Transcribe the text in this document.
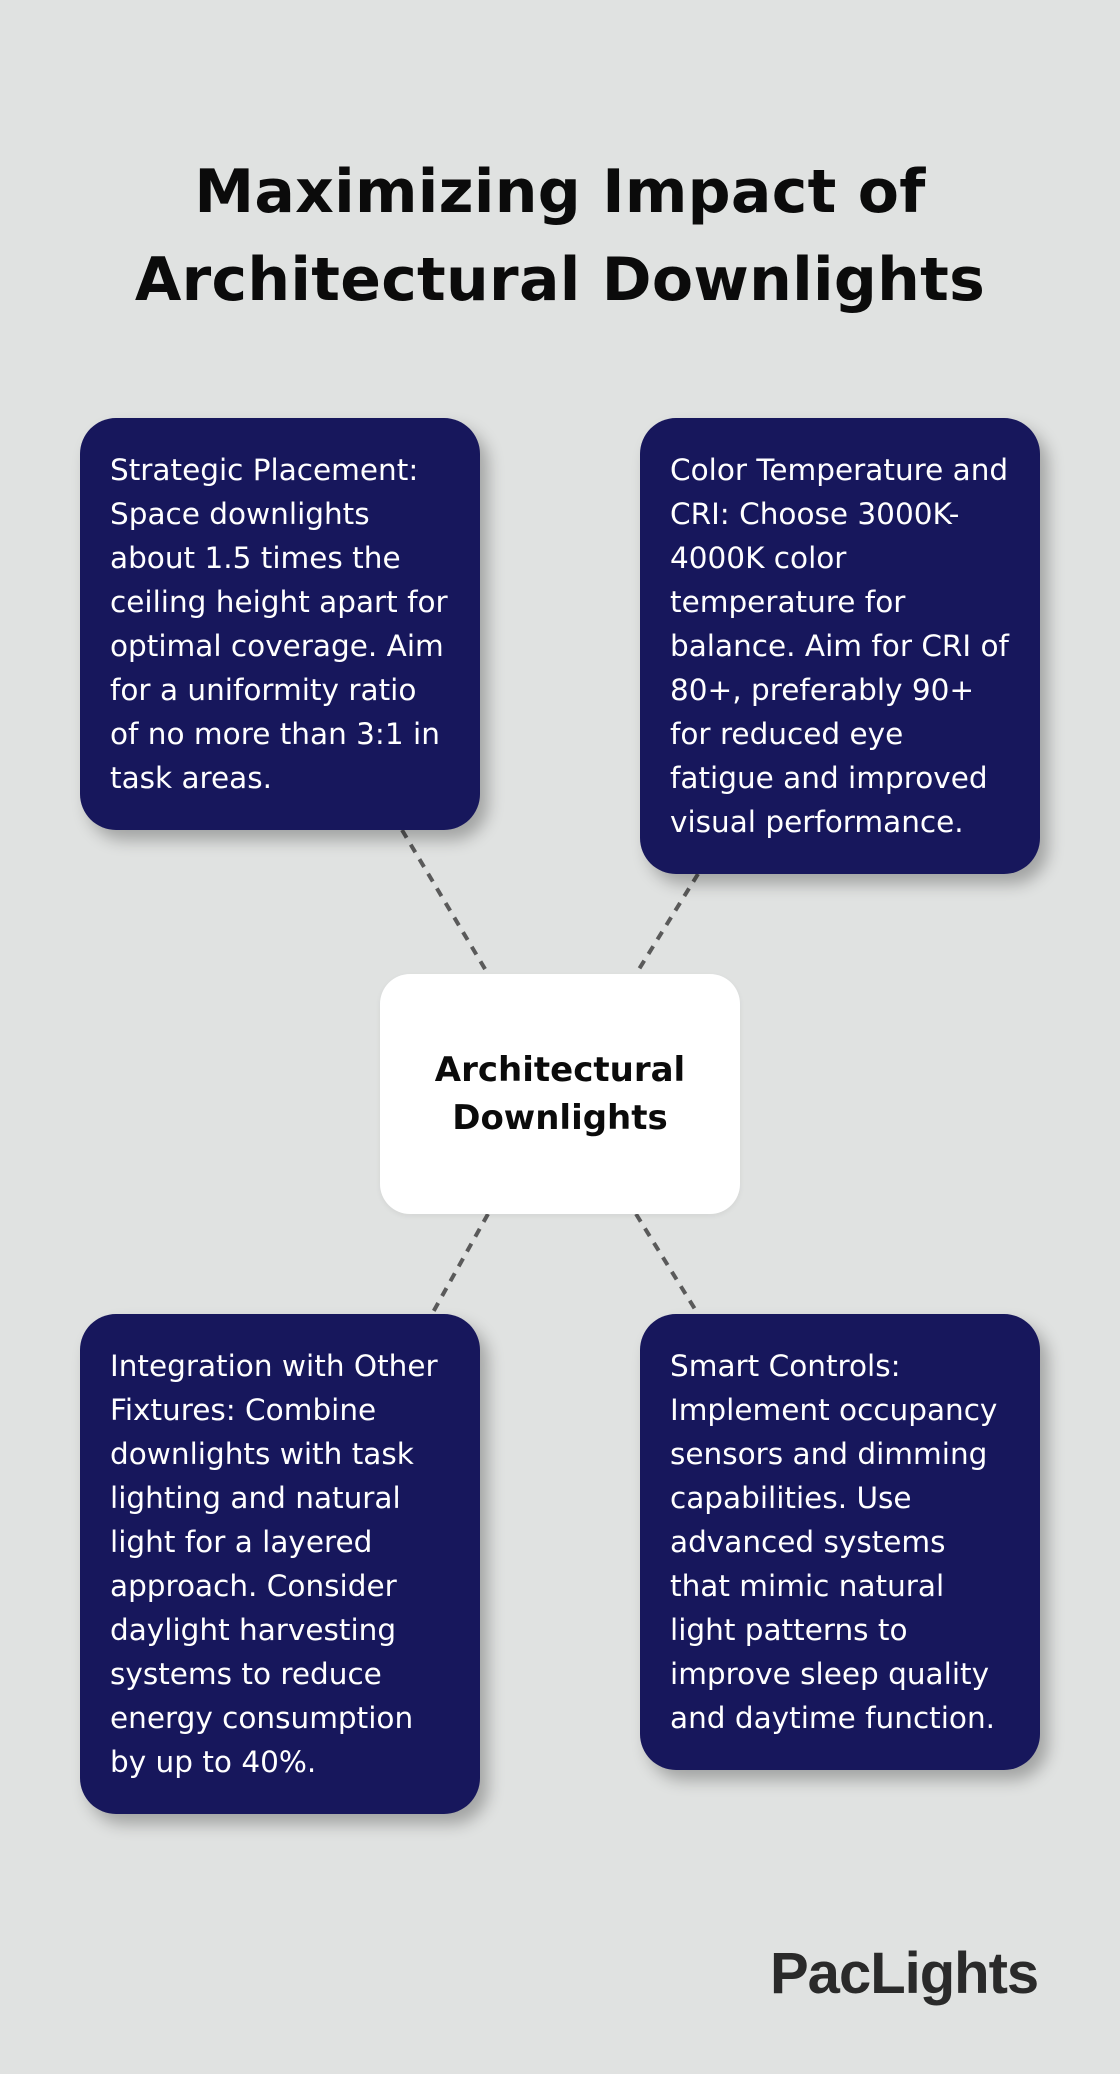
Maximizing Impact of
Architectural Downlights

Strategic Placement: Space downlights about 1.5 times the ceiling height apart for optimal coverage. Aim for a uniformity ratio of no more than 3:1 in task areas.

Color Temperature and CRI: Choose 3000K-4000K color temperature for balance. Aim for CRI of 80+, preferably 90+ for reduced eye fatigue and improved visual performance.

Architectural
Downlights

Integration with Other Fixtures: Combine downlights with task lighting and natural light for a layered approach. Consider daylight harvesting systems to reduce energy consumption by up to 40%.

Smart Controls: Implement occupancy sensors and dimming capabilities. Use advanced systems that mimic natural light patterns to improve sleep quality and daytime function.

PacLights
